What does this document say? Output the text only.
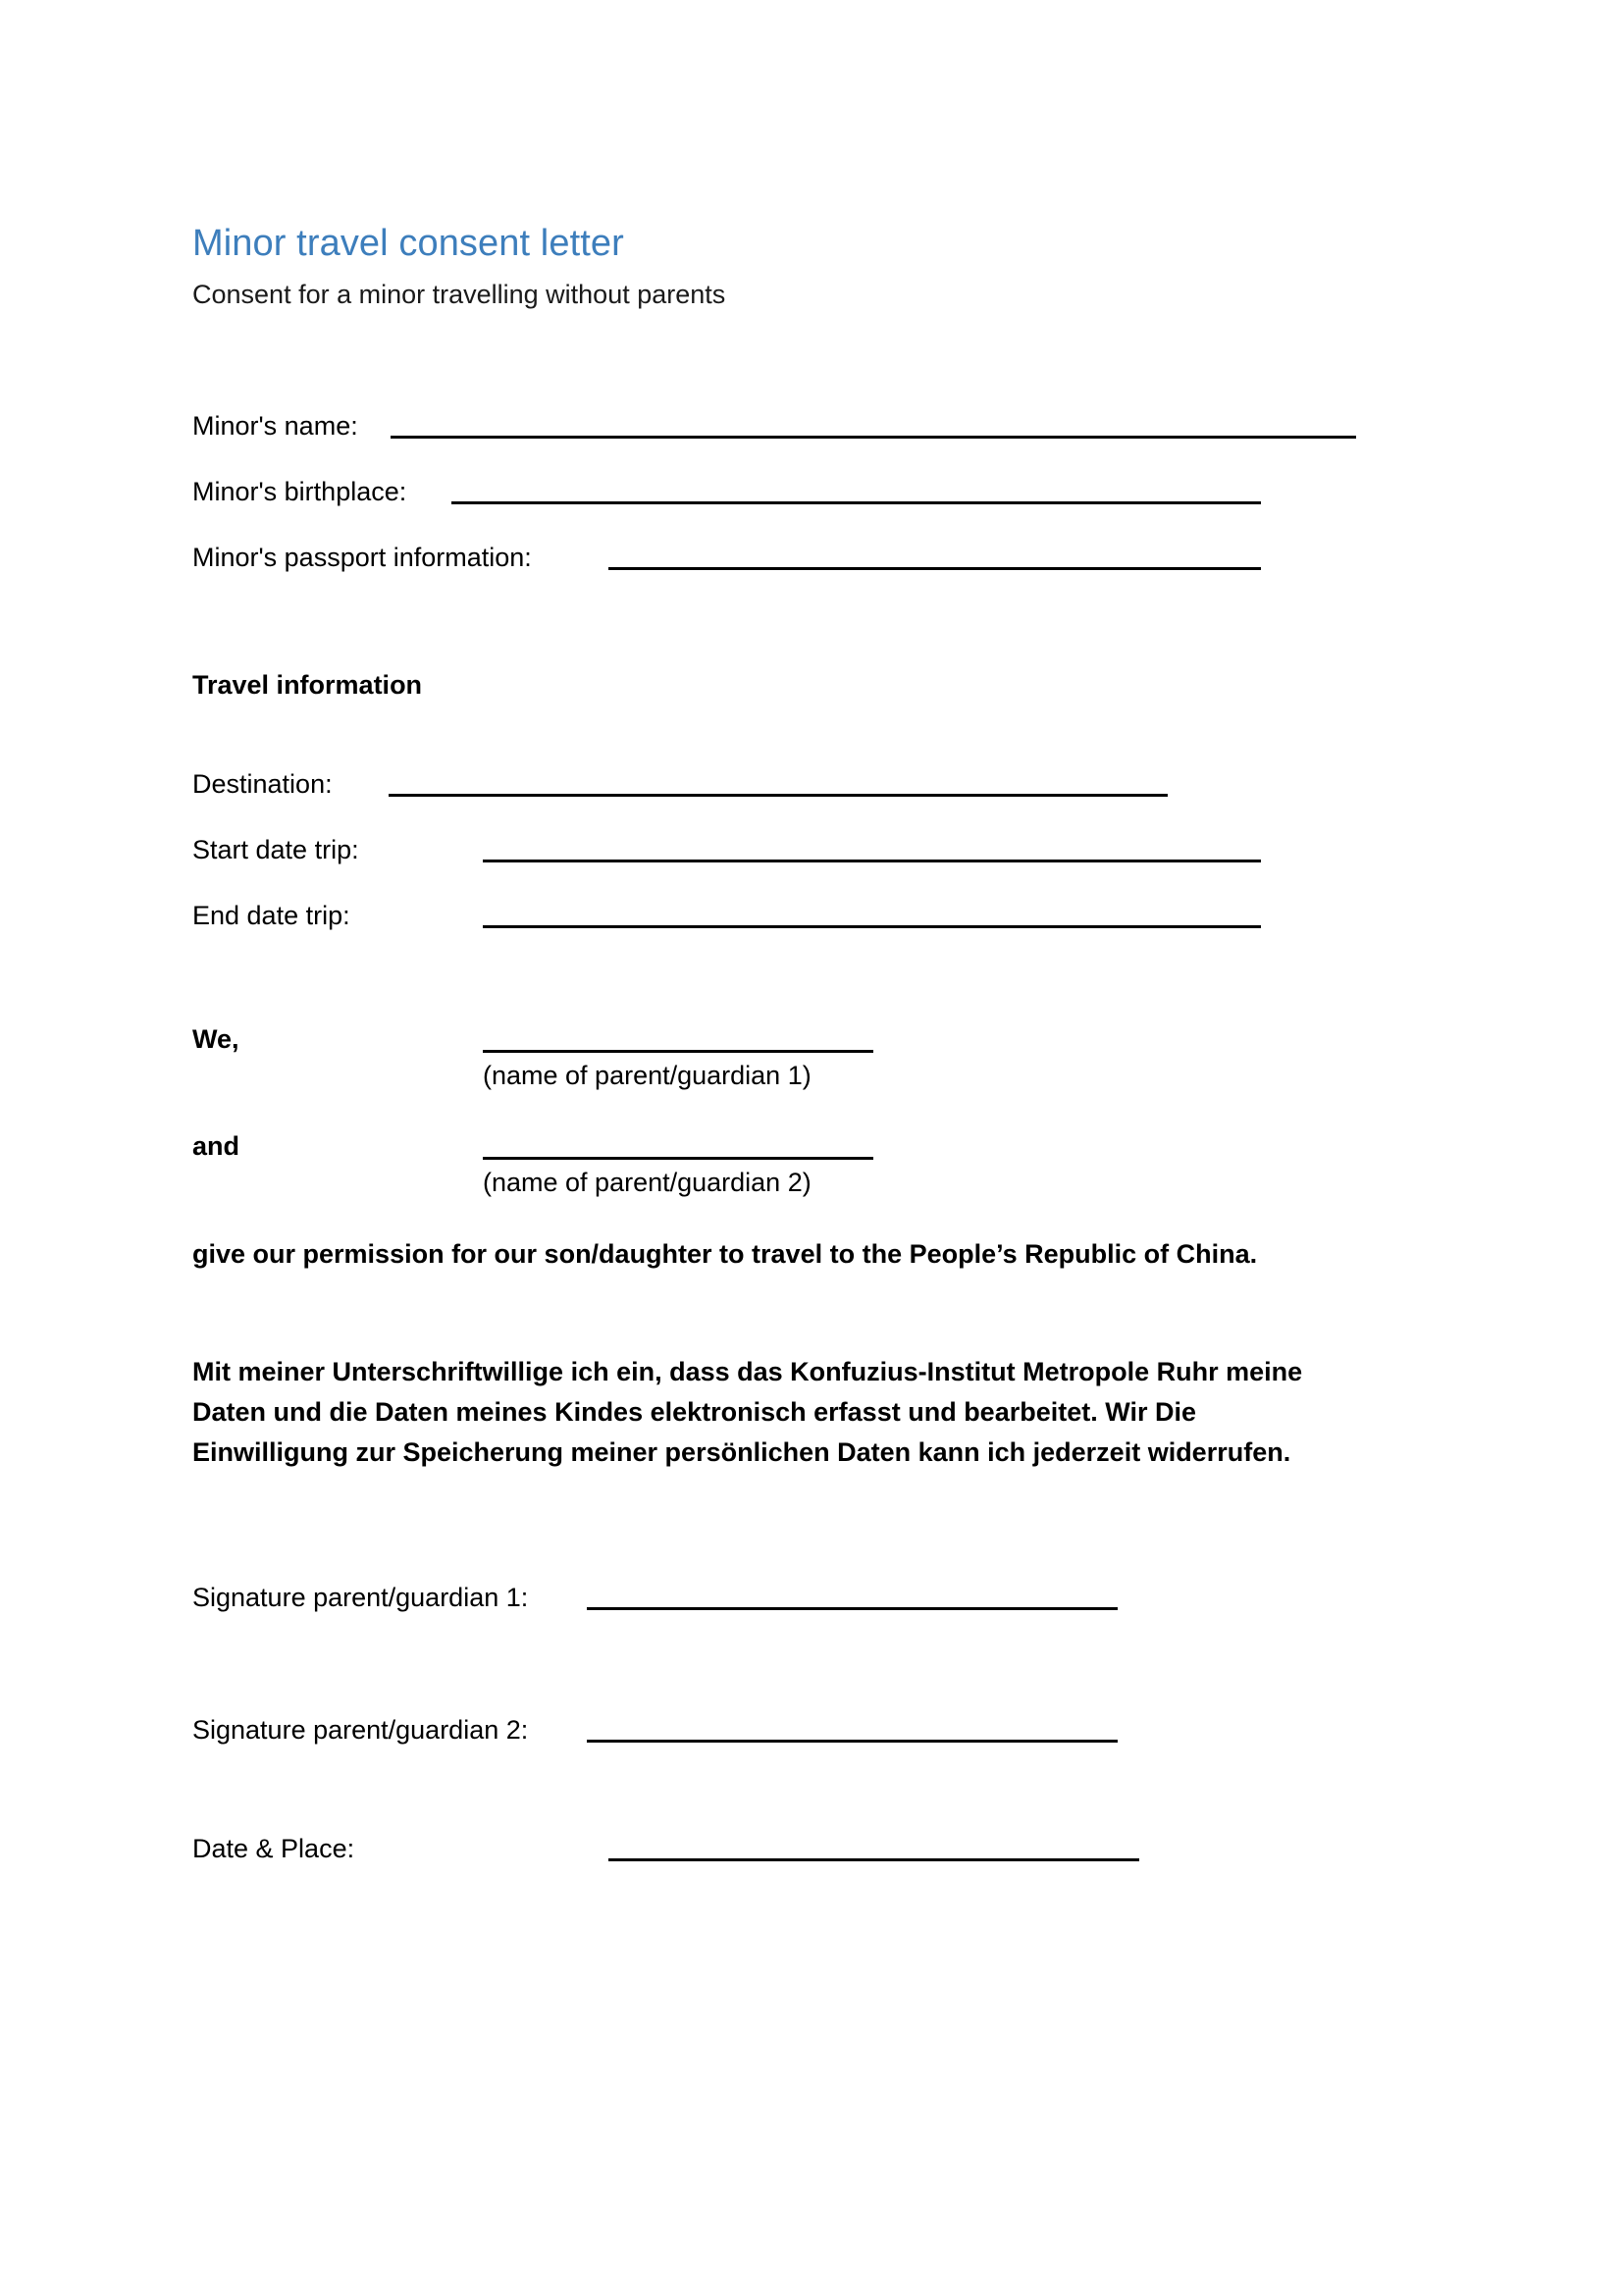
Minor travel consent letter
Consent for a minor travelling without parents
Minor's name:
Minor's birthplace:
Minor's passport information:
Travel information
Destination:
Start date trip:
End date trip:
We,
(name of parent/guardian 1)
and
(name of parent/guardian 2)
give our permission for our son/daughter to travel to the People’s Republic of China.
Mit meiner Unterschriftwillige ich ein, dass das Konfuzius-Institut Metropole Ruhr meine
Daten und die Daten meines Kindes elektronisch erfasst und bearbeitet. Wir Die
Einwilligung zur Speicherung meiner persönlichen Daten kann ich jederzeit widerrufen.
Signature parent/guardian 1:
Signature parent/guardian 2:
Date & Place:
